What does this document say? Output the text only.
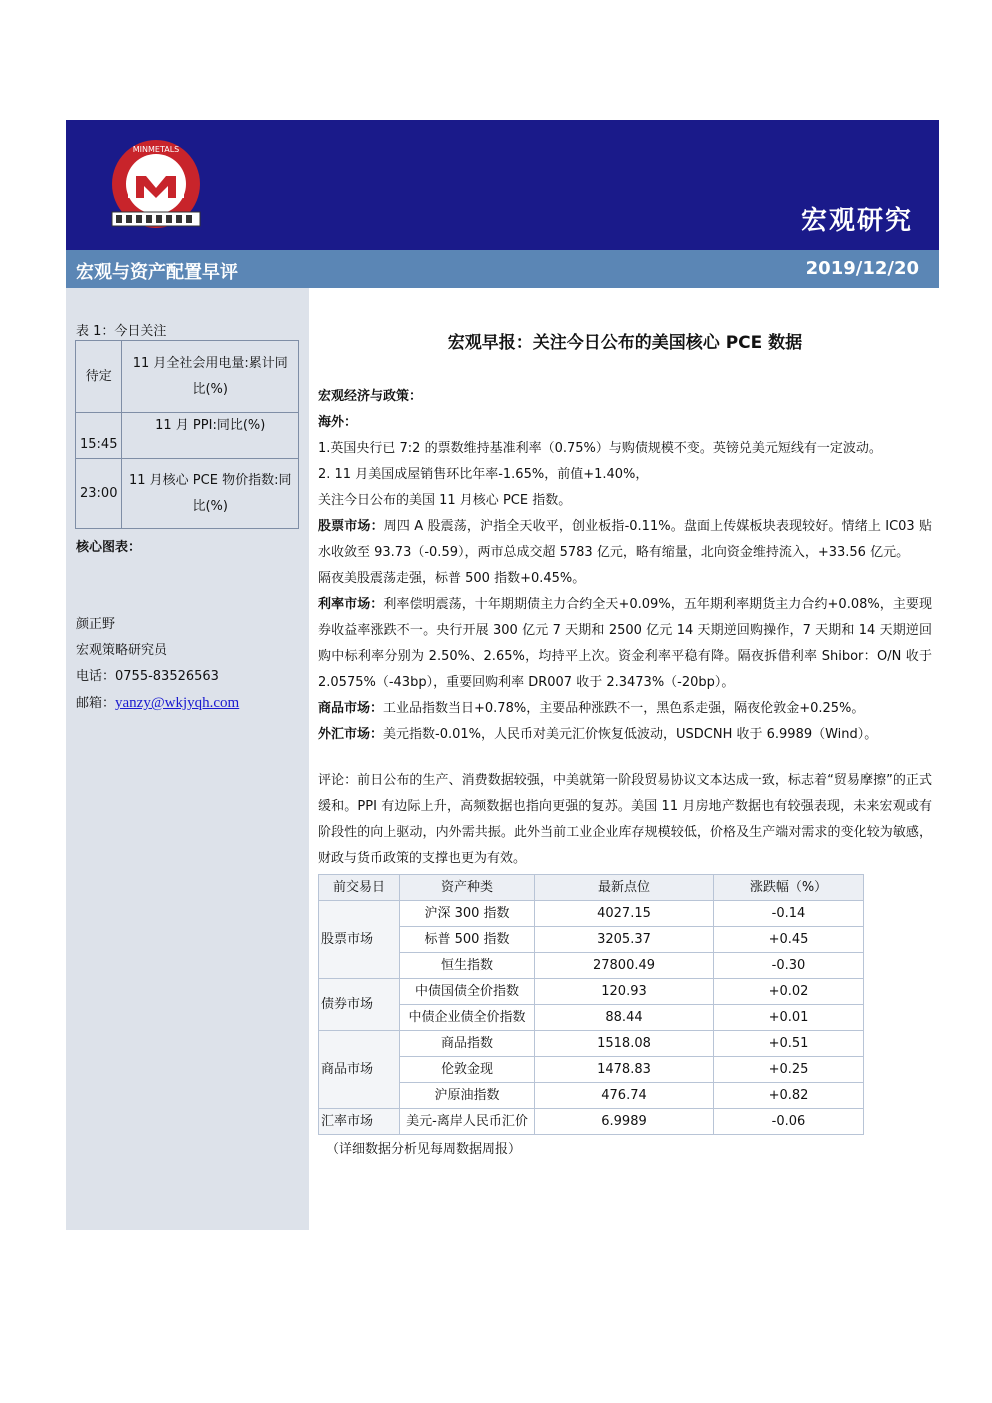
MINMETALS
宏观研究
宏观与资产配置早评	2019/12/20
表 1：今日关注
待定	11 月全社会用电量:累计同比(%)
15:45	11 月 PPI:同比(%)
23:00	11 月核心 PCE 物价指数:同比(%)
核心图表：
颜正野
宏观策略研究员
电话：0755-83526563
邮箱：yanzy@wkjyqh.com
宏观早报：关注今日公布的美国核心 PCE 数据

宏观经济与政策：

海外：

1.英国央行已 7:2 的票数维持基准利率（0.75%）与购债规模不变。英镑兑美元短线有一定波动。

2. 11 月美国成屋销售环比年率-1.65%，前值+1.40%，

关注今日公布的美国 11 月核心 PCE 指数。

股票市场：周四 A 股震荡，沪指全天收平，创业板指-0.11%。盘面上传媒板块表现较好。情绪上 IC03 贴水收敛至 93.73（-0.59），两市总成交超 5783 亿元，略有缩量，北向资金维持流入，+33.56 亿元。

隔夜美股震荡走强，标普 500 指数+0.45%。

利率市场：利率偿明震荡，十年期期债主力合约全天+0.09%，五年期利率期货主力合约+0.08%，主要现券收益率涨跌不一。央行开展 300 亿元 7 天期和 2500 亿元 14 天期逆回购操作，7 天期和 14 天期逆回购中标利率分别为 2.50%、2.65%，均持平上次。资金利率平稳有降。隔夜拆借利率 Shibor：O/N 收于 2.0575%（-43bp），重要回购利率 DR007 收于 2.3473%（-20bp）。

商品市场：工业品指数当日+0.78%，主要品种涨跌不一，黑色系走强，隔夜伦敦金+0.25%。

外汇市场：美元指数-0.01%，人民币对美元汇价恢复低波动，USDCNH 收于 6.9989（Wind）。

评论：前日公布的生产、消费数据较强，中美就第一阶段贸易协议文本达成一致，标志着“贸易摩擦”的正式缓和。PPI 有边际上升，高频数据也指向更强的复苏。美国 11 月房地产数据也有较强表现，未来宏观或有阶段性的向上驱动，内外需共振。此外当前工业企业库存规模较低，价格及生产端对需求的变化较为敏感，财政与货币政策的支撑也更为有效。

前交易日	资产种类	最新点位	涨跌幅（%）
股票市场	沪深 300 指数	4027.15	-0.14
	标普 500 指数	3205.37	+0.45
	恒生指数	27800.49	-0.30
债券市场	中债国债全价指数	120.93	+0.02
	中债企业债全价指数	88.44	+0.01
商品市场	商品指数	1518.08	+0.51
	伦敦金现	1478.83	+0.25
	沪原油指数	476.74	+0.82
汇率市场	美元-离岸人民币汇价	6.9989	-0.06
（详细数据分析见每周数据周报）
